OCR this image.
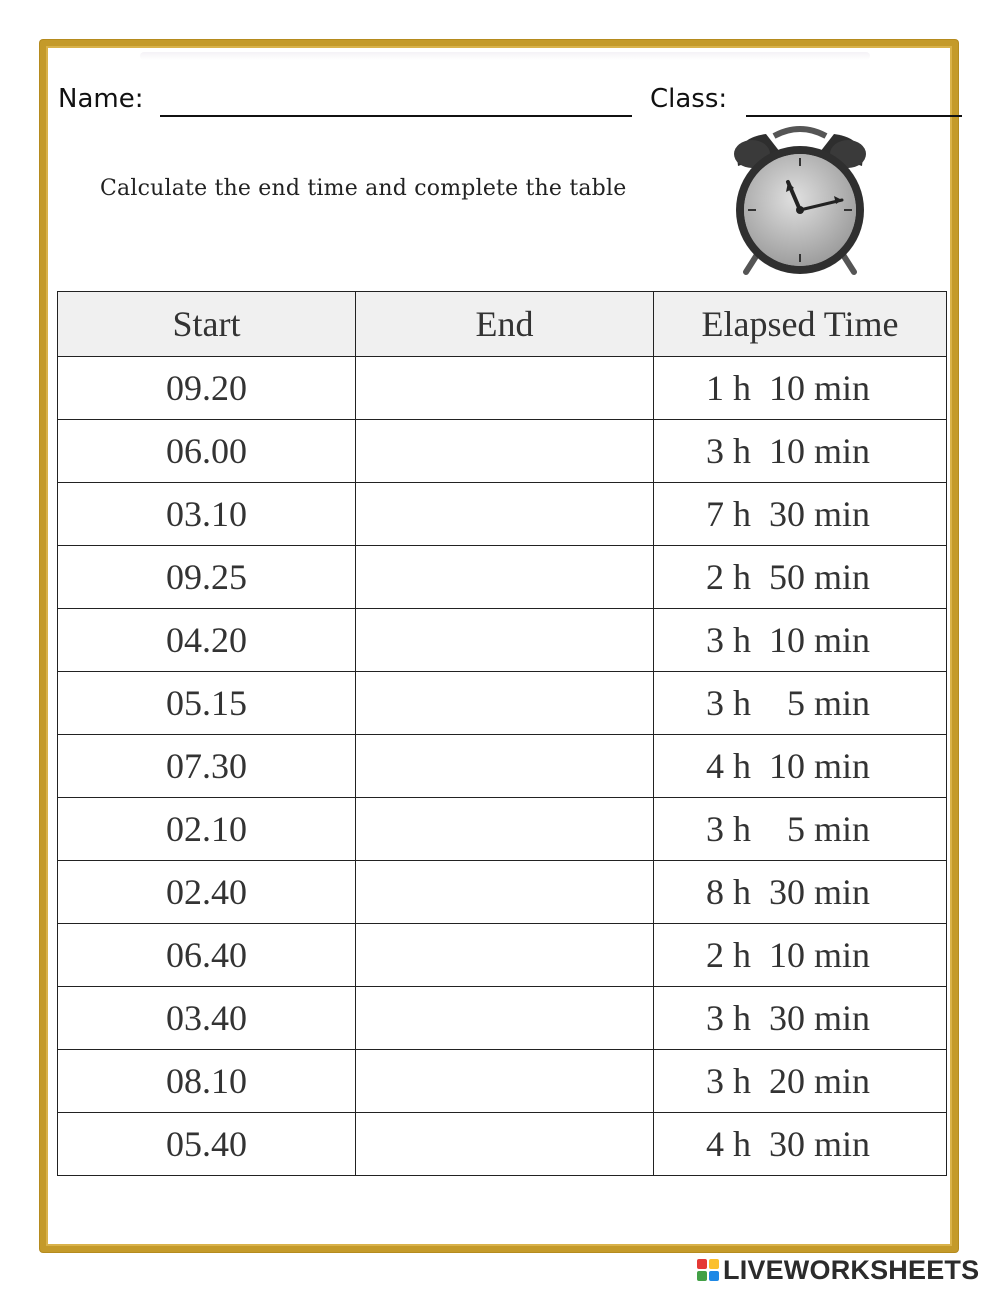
Name:	Class:
Calculate the end time and complete the table
Start	End	Elapsed Time
09.20		1 h  10 min
06.00		3 h  10 min
03.10		7 h  30 min
09.25		2 h  50 min
04.20		3 h  10 min
05.15		3 h    5 min
07.30		4 h  10 min
02.10		3 h    5 min
02.40		8 h  30 min
06.40		2 h  10 min
03.40		3 h  30 min
08.10		3 h  20 min
05.40		4 h  30 min
LIVEWORKSHEETS
